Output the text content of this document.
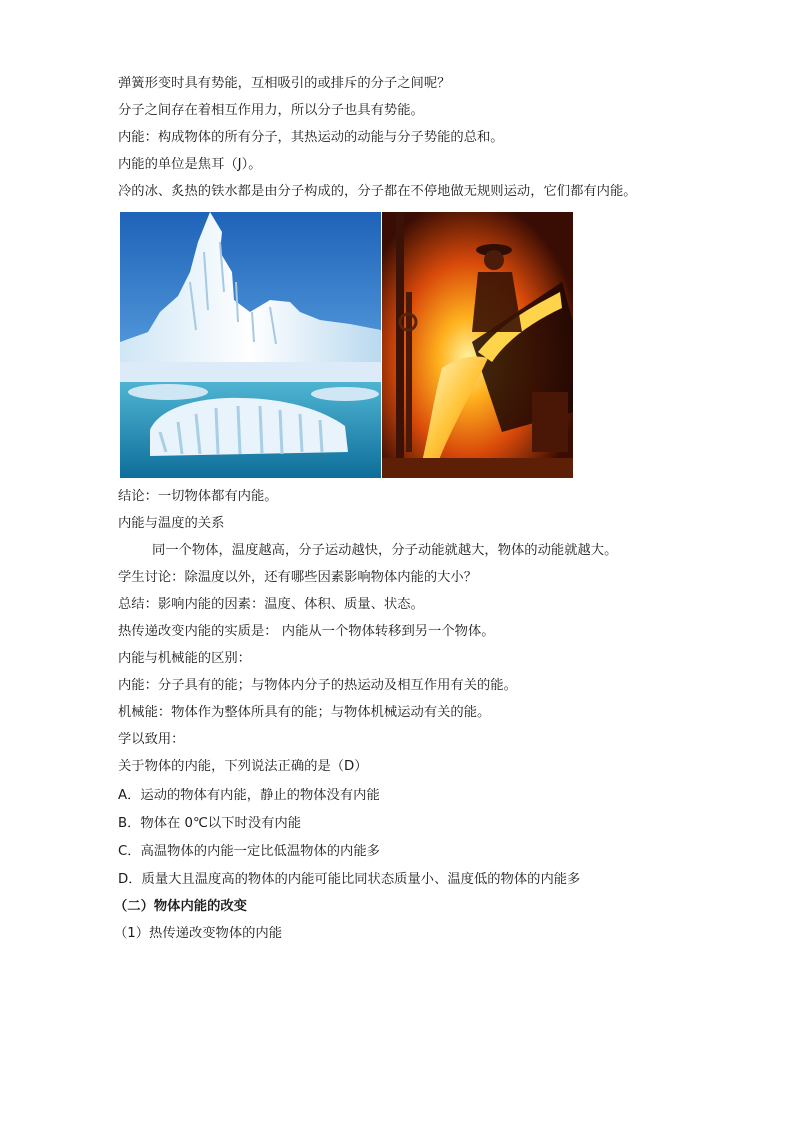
弹簧形变时具有势能，互相吸引的或排斥的分子之间呢？
分子之间存在着相互作用力，所以分子也具有势能。
内能：构成物体的所有分子，其热运动的动能与分子势能的总和。
内能的单位是焦耳（J）。
冷的冰、炙热的铁水都是由分子构成的，分子都在不停地做无规则运动，它们都有内能。
结论：一切物体都有内能。
内能与温度的关系
同一个物体，温度越高，分子运动越快，分子动能就越大，物体的动能就越大。
学生讨论：除温度以外，还有哪些因素影响物体内能的大小？
总结：影响内能的因素：温度、体积、质量、状态。
热传递改变内能的实质是： 内能从一个物体转移到另一个物体。
内能与机械能的区别：
内能：分子具有的能；与物体内分子的热运动及相互作用有关的能。
机械能：物体作为整体所具有的能；与物体机械运动有关的能。
学以致用：
关于物体的内能，下列说法正确的是（D）
A．运动的物体有内能，静止的物体没有内能
B．物体在 0℃以下时没有内能
C．高温物体的内能一定比低温物体的内能多
D．质量大且温度高的物体的内能可能比同状态质量小、温度低的物体的内能多
（二）物体内能的改变
（1）热传递改变物体的内能
